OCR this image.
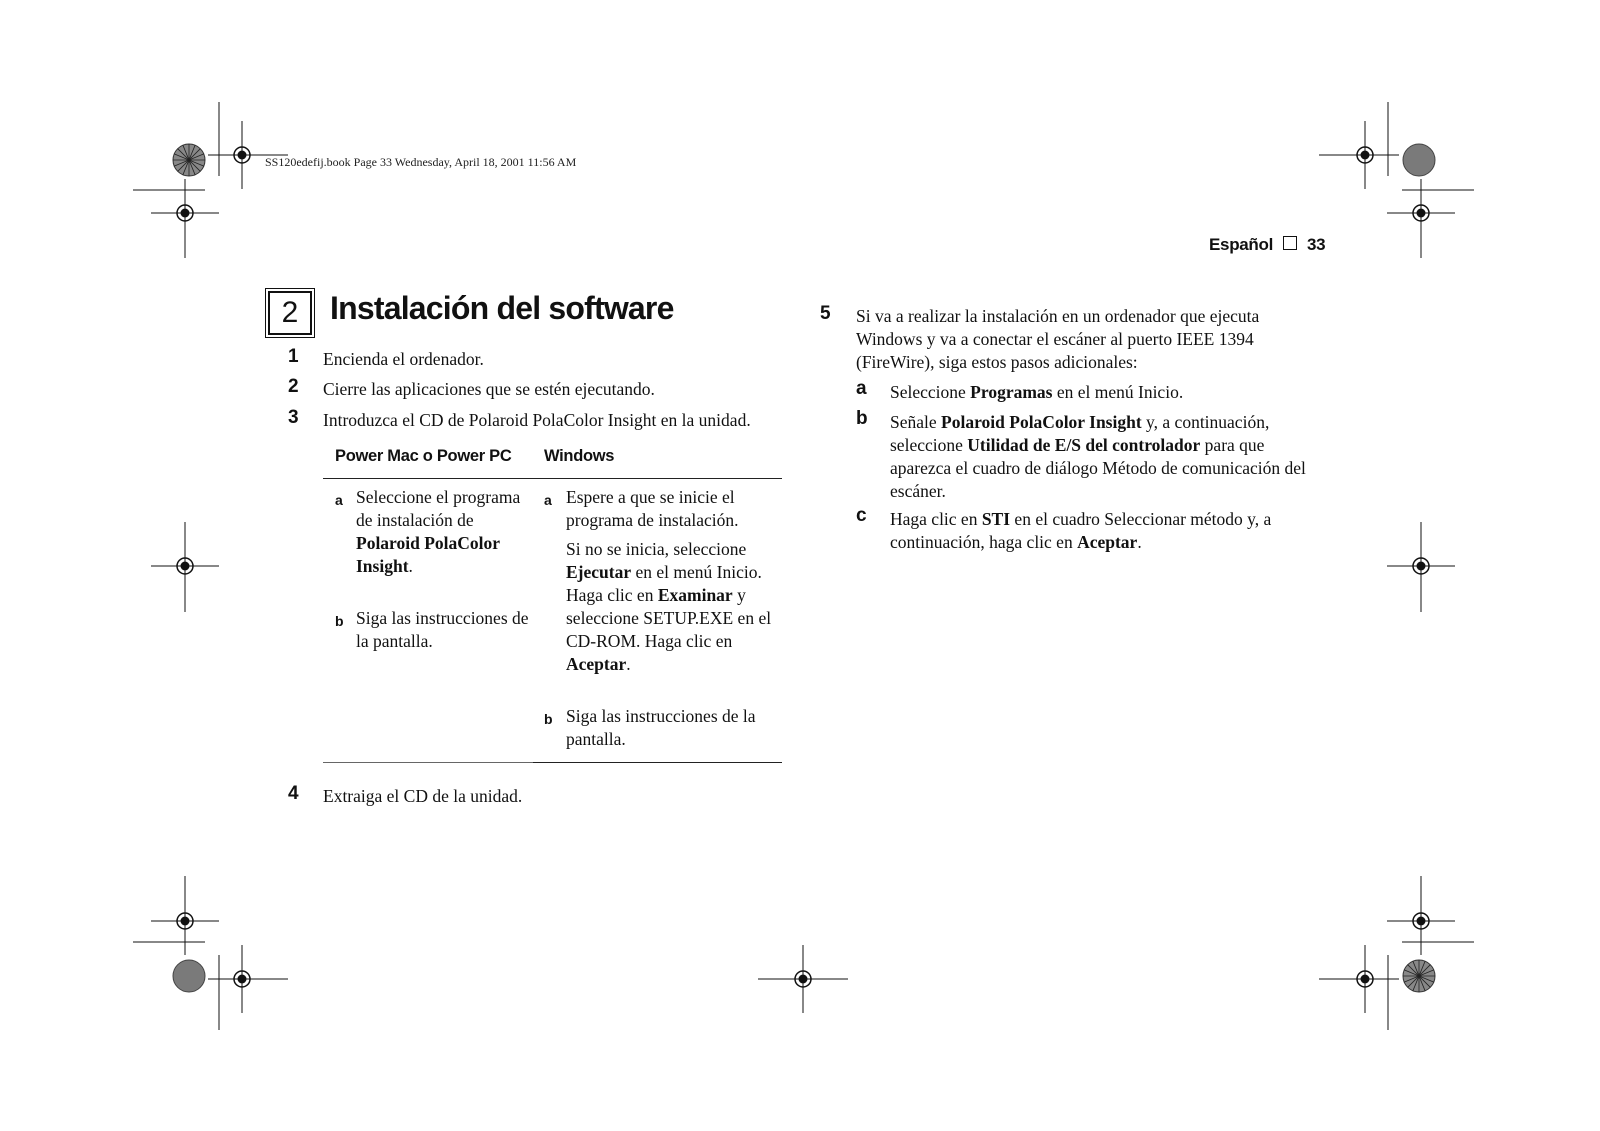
SS120edefij.book Page 33 Wednesday, April 18, 2001 11:56 AM
Español 33
2 Instalación del software
1 Encienda el ordenador.
2 Cierre las aplicaciones que se estén ejecutando.
3 Introduzca el CD de Polaroid PolaColor Insight en la unidad.
Power Mac o Power PC Windows
a Seleccione el programa de instalación de Polaroid PolaColor Insight.
b Siga las instrucciones de la pantalla.
a Espere a que se inicie el programa de instalación.
Si no se inicia, seleccione Ejecutar en el menú Inicio. Haga clic en Examinar y seleccione SETUP.EXE en el CD-ROM. Haga clic en Aceptar.
b Siga las instrucciones de la pantalla.
4 Extraiga el CD de la unidad.
5 Si va a realizar la instalación en un ordenador que ejecuta Windows y va a conectar el escáner al puerto IEEE 1394 (FireWire), siga estos pasos adicionales:
a Seleccione Programas en el menú Inicio.
b Señale Polaroid PolaColor Insight y, a continuación, seleccione Utilidad de E/S del controlador para que aparezca el cuadro de diálogo Método de comunicación del escáner.
c Haga clic en STI en el cuadro Seleccionar método y, a continuación, haga clic en Aceptar.
